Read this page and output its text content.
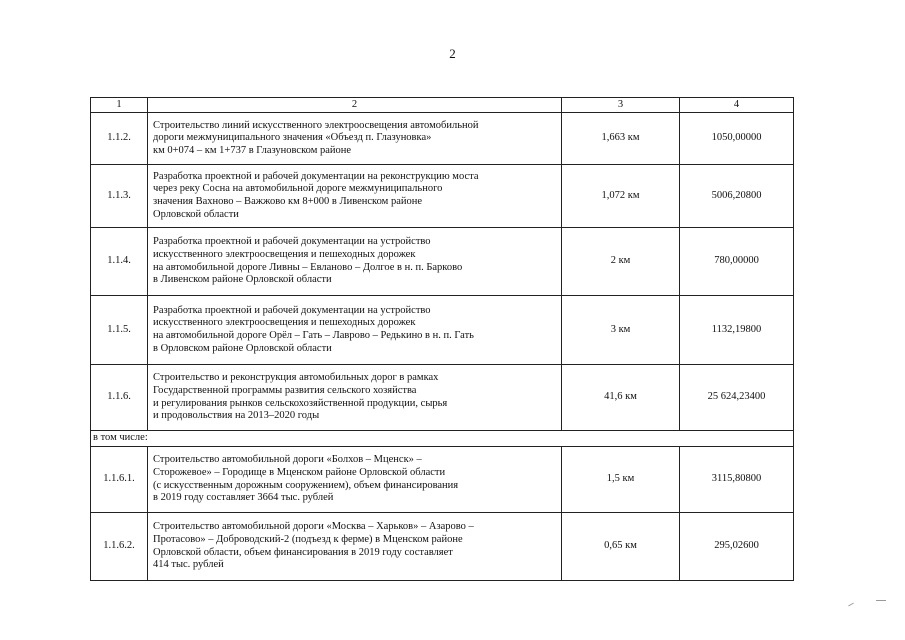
2
1	2	3	4
1.1.2.	Строительство линий искусственного электроосвещения автомобильной
дороги межмуниципального значения «Объезд п. Глазуновка»
км 0+074 – км 1+737 в Глазуновском районе	1,663 км	1050,00000
1.1.3.	Разработка проектной и рабочей документации на реконструкцию моста
через реку Сосна на автомобильной дороге межмуниципального
значения Вахново – Важжово км 8+000 в Ливенском районе
Орловской области	1,072 км	5006,20800
1.1.4.	Разработка проектной и рабочей документации на устройство
искусственного электроосвещения и пешеходных дорожек
на автомобильной дороге Ливны – Евланово – Долгое в н. п. Барково
в Ливенском районе Орловской области	2 км	780,00000
1.1.5.	Разработка проектной и рабочей документации на устройство
искусственного электроосвещения и пешеходных дорожек
на автомобильной дороге Орёл – Гать – Лаврово – Редькино в н. п. Гать
в Орловском районе Орловской области	3 км	1132,19800
1.1.6.	Строительство и реконструкция автомобильных дорог в рамках
Государственной программы развития сельского хозяйства
и регулирования рынков сельскохозяйственной продукции, сырья
и продовольствия на 2013–2020 годы	41,6 км	25 624,23400
в том числе:			
1.1.6.1.	Строительство автомобильной дороги «Болхов – Мценск» –
Сторожевое» – Городище в Мценском районе Орловской области
(с искусственным дорожным сооружением), объем финансирования
в 2019 году составляет 3664 тыс. рублей	1,5 км	3115,80800
1.1.6.2.	Строительство автомобильной дороги «Москва – Харьков» – Азарово –
Протасово» – Доброводский-2 (подъезд к ферме) в Мценском районе
Орловской области, объем финансирования в 2019 году составляет
414 тыс. рублей	0,65 км	295,02600
